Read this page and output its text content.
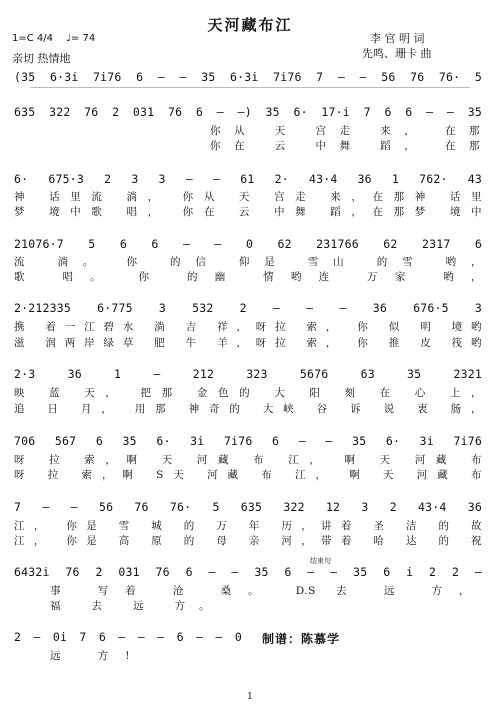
天河藏布江
1=C 4/4 ♩= 74	李 官 明 词
先鸣、珊卡 曲
亲切 热情地
(35 6·3i 7i76 6 — — 35 6·3i 7i76 7 — — 56 76 76· 5
635 322 76 2 031 76 6 — —) 35 6· 17·i 7 6 6 — — 35
你从 天 宫走 来， 在那
你在 云 中舞 蹈， 在那
6· 675·3 2 3 3 — — 61 2· 43·4 36 1 762· 43
神 话里流 淌， 你从 天 宫走 来，在那神 话里
梦 境中歌 唱， 你在 云 中舞 蹈，在那梦 境中
21076·7 5 6 6 — — 0 62 231766 62 2317 6
流 淌。 你 的信 仰是 雪山 的雪 哟，
歌 唱。 你 的幽 情哟连 万家 哟，
2·212335 6·775 3 532 2 — — — 36 676·5 3
携 着一江碧水 淌 吉 祥，呀拉 索， 你 似 明 境哟
滋 润两岸绿草 肥 牛 羊，呀拉 索， 你 推 皮 筏哟
2·3 36 1 — 212 323 5676 63 35 2321
映 蓝 天， 把那 金色的 大 阳 刻 在 心 上，
追 日 月， 用那 神奇的 大峡 谷 诉 说 衷 肠，
706 567 6 35 6· 3i 7i76 6 — — 35 6· 3i 7i76
呀 拉 索，啊 天 河藏 布 江， 啊 天 河藏 布
呀 拉 索，啊 S天 河藏 布 江， 啊 天 河藏 布
7 — — 56 76 76· 5 635 322 12 3 2 43·4 36
江， 你是 雪 城 的 万 年 历，讲着 圣 洁 的 故
江， 你是 高 原 的 母 亲 河，带着 哈 达 的 祝
结束句
6432i 76 2 031 76 6 — — 35 6 — — 35 6 i 2 2 —
事 写着 沧 桑。 D.S 去 远 方，
福 去 远 方。
2 — 0i 7 6 — — — 6 — — 0
远 方!
制谱：陈慕学
1
